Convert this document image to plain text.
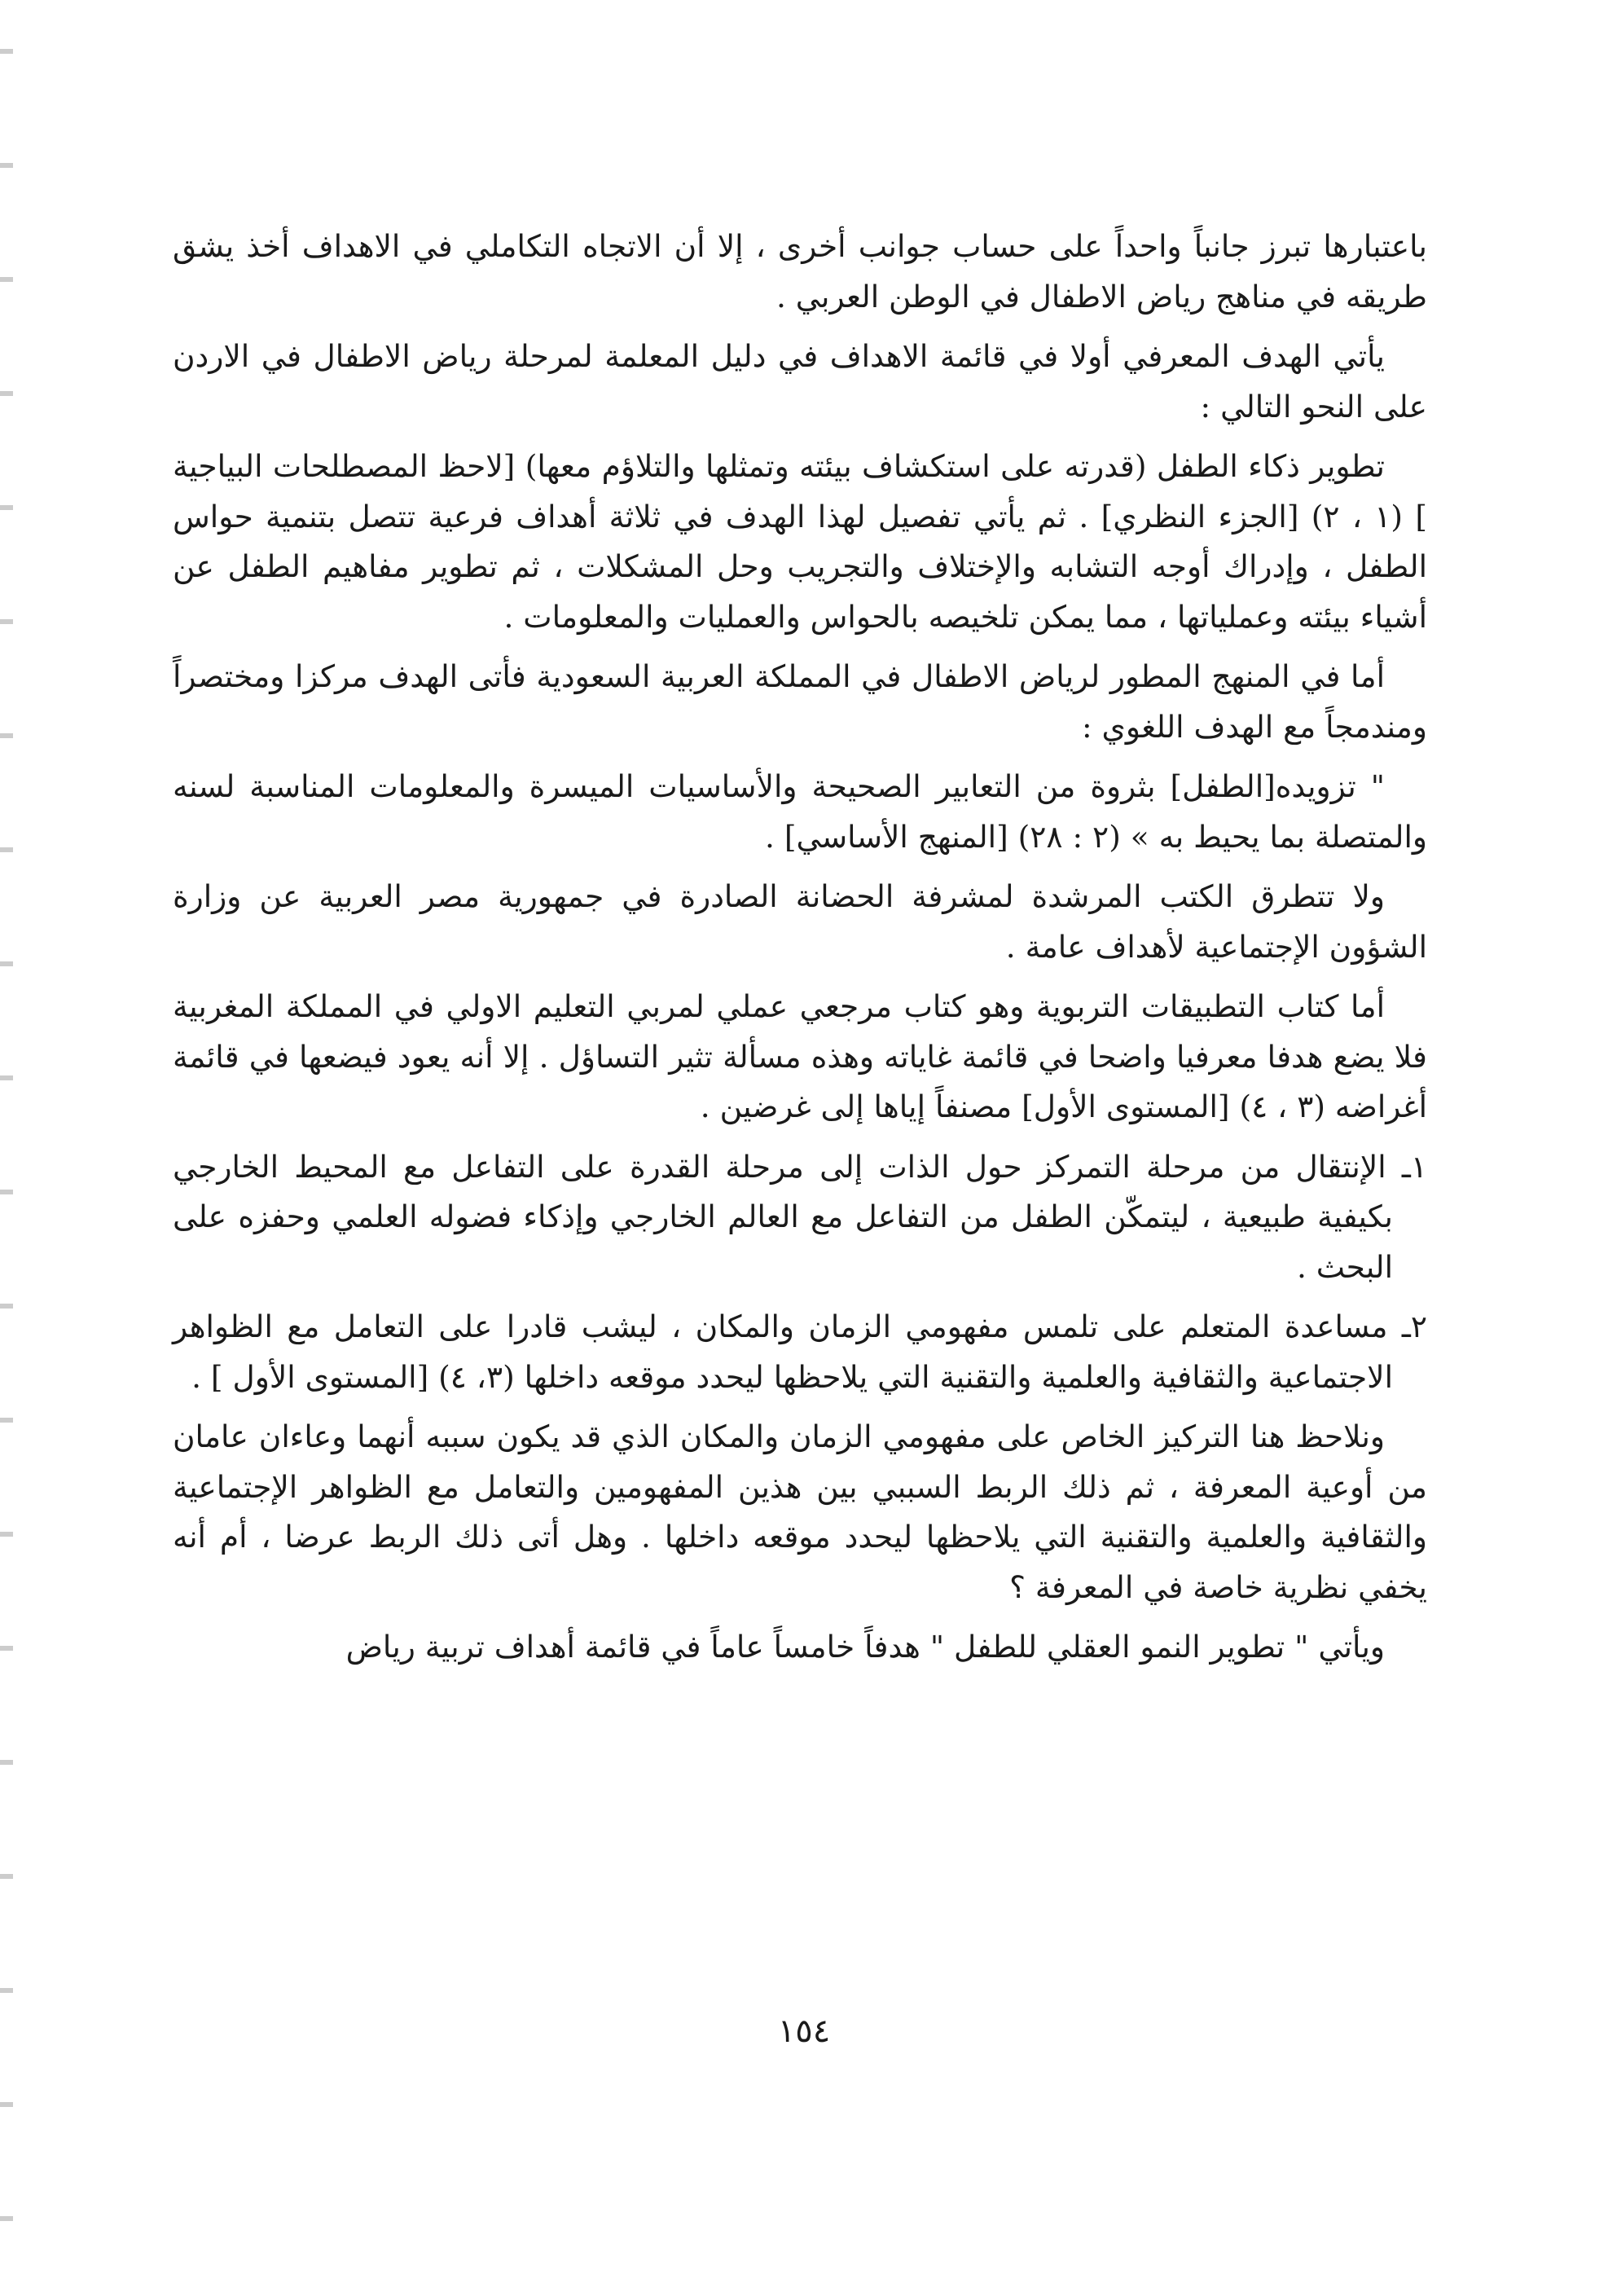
باعتبارها تبرز جانباً واحداً على حساب جوانب أخرى ، إلا أن الاتجاه التكاملي في الاهداف أخذ يشق طريقه في مناهج رياض الاطفال في الوطن العربي .

يأتي الهدف المعرفي أولا في قائمة الاهداف في دليل المعلمة لمرحلة رياض الاطفال في الاردن على النحو التالي :

تطوير ذكاء الطفل (قدرته على استكشاف بيئته وتمثلها والتلاؤم معها) [لاحظ المصطلحات البياجية ] (١ ، ٢) [الجزء النظري] . ثم يأتي تفصيل لهذا الهدف في ثلاثة أهداف فرعية تتصل بتنمية حواس الطفل ، وإدراك أوجه التشابه والإختلاف والتجريب وحل المشكلات ، ثم تطوير مفاهيم الطفل عن أشياء بيئته وعملياتها ، مما يمكن تلخيصه بالحواس والعمليات والمعلومات .

أما في المنهج المطور لرياض الاطفال في المملكة العربية السعودية فأتى الهدف مركزا ومختصراً ومندمجاً مع الهدف اللغوي :

" تزويده[الطفل] بثروة من التعابير الصحيحة والأساسيات الميسرة والمعلومات المناسبة لسنه والمتصلة بما يحيط به » (٢ : ٢٨) [المنهج الأساسي] .

ولا تتطرق الكتب المرشدة لمشرفة الحضانة الصادرة في جمهورية مصر العربية عن وزارة الشؤون الإجتماعية لأهداف عامة .

أما كتاب التطبيقات التربوية وهو كتاب مرجعي عملي لمربي التعليم الاولي في المملكة المغربية فلا يضع هدفا معرفيا واضحا في قائمة غاياته وهذه مسألة تثير التساؤل . إلا أنه يعود فيضعها في قائمة أغراضه (٣ ، ٤) [المستوى الأول] مصنفاً إياها إلى غرضين .

١ـ الإنتقال من مرحلة التمركز حول الذات إلى مرحلة القدرة على التفاعل مع المحيط الخارجي بكيفية طبيعية ، ليتمكّن الطفل من التفاعل مع العالم الخارجي وإذكاء فضوله العلمي وحفزه على البحث .
٢ـ مساعدة المتعلم على تلمس مفهومي الزمان والمكان ، ليشب قادرا على التعامل مع الظواهر الاجتماعية والثقافية والعلمية والتقنية التي يلاحظها ليحدد موقعه داخلها (٣، ٤) [المستوى الأول ] .

ونلاحظ هنا التركيز الخاص على مفهومي الزمان والمكان الذي قد يكون سببه أنهما وعاءان عامان من أوعية المعرفة ، ثم ذلك الربط السببي بين هذين المفهومين والتعامل مع الظواهر الإجتماعية والثقافية والعلمية والتقنية التي يلاحظها ليحدد موقعه داخلها . وهل أتى ذلك الربط عرضا ، أم أنه يخفي نظرية خاصة في المعرفة ؟

ويأتي " تطوير النمو العقلي للطفل " هدفاً خامساً عاماً في قائمة أهداف تربية رياض

١٥٤
